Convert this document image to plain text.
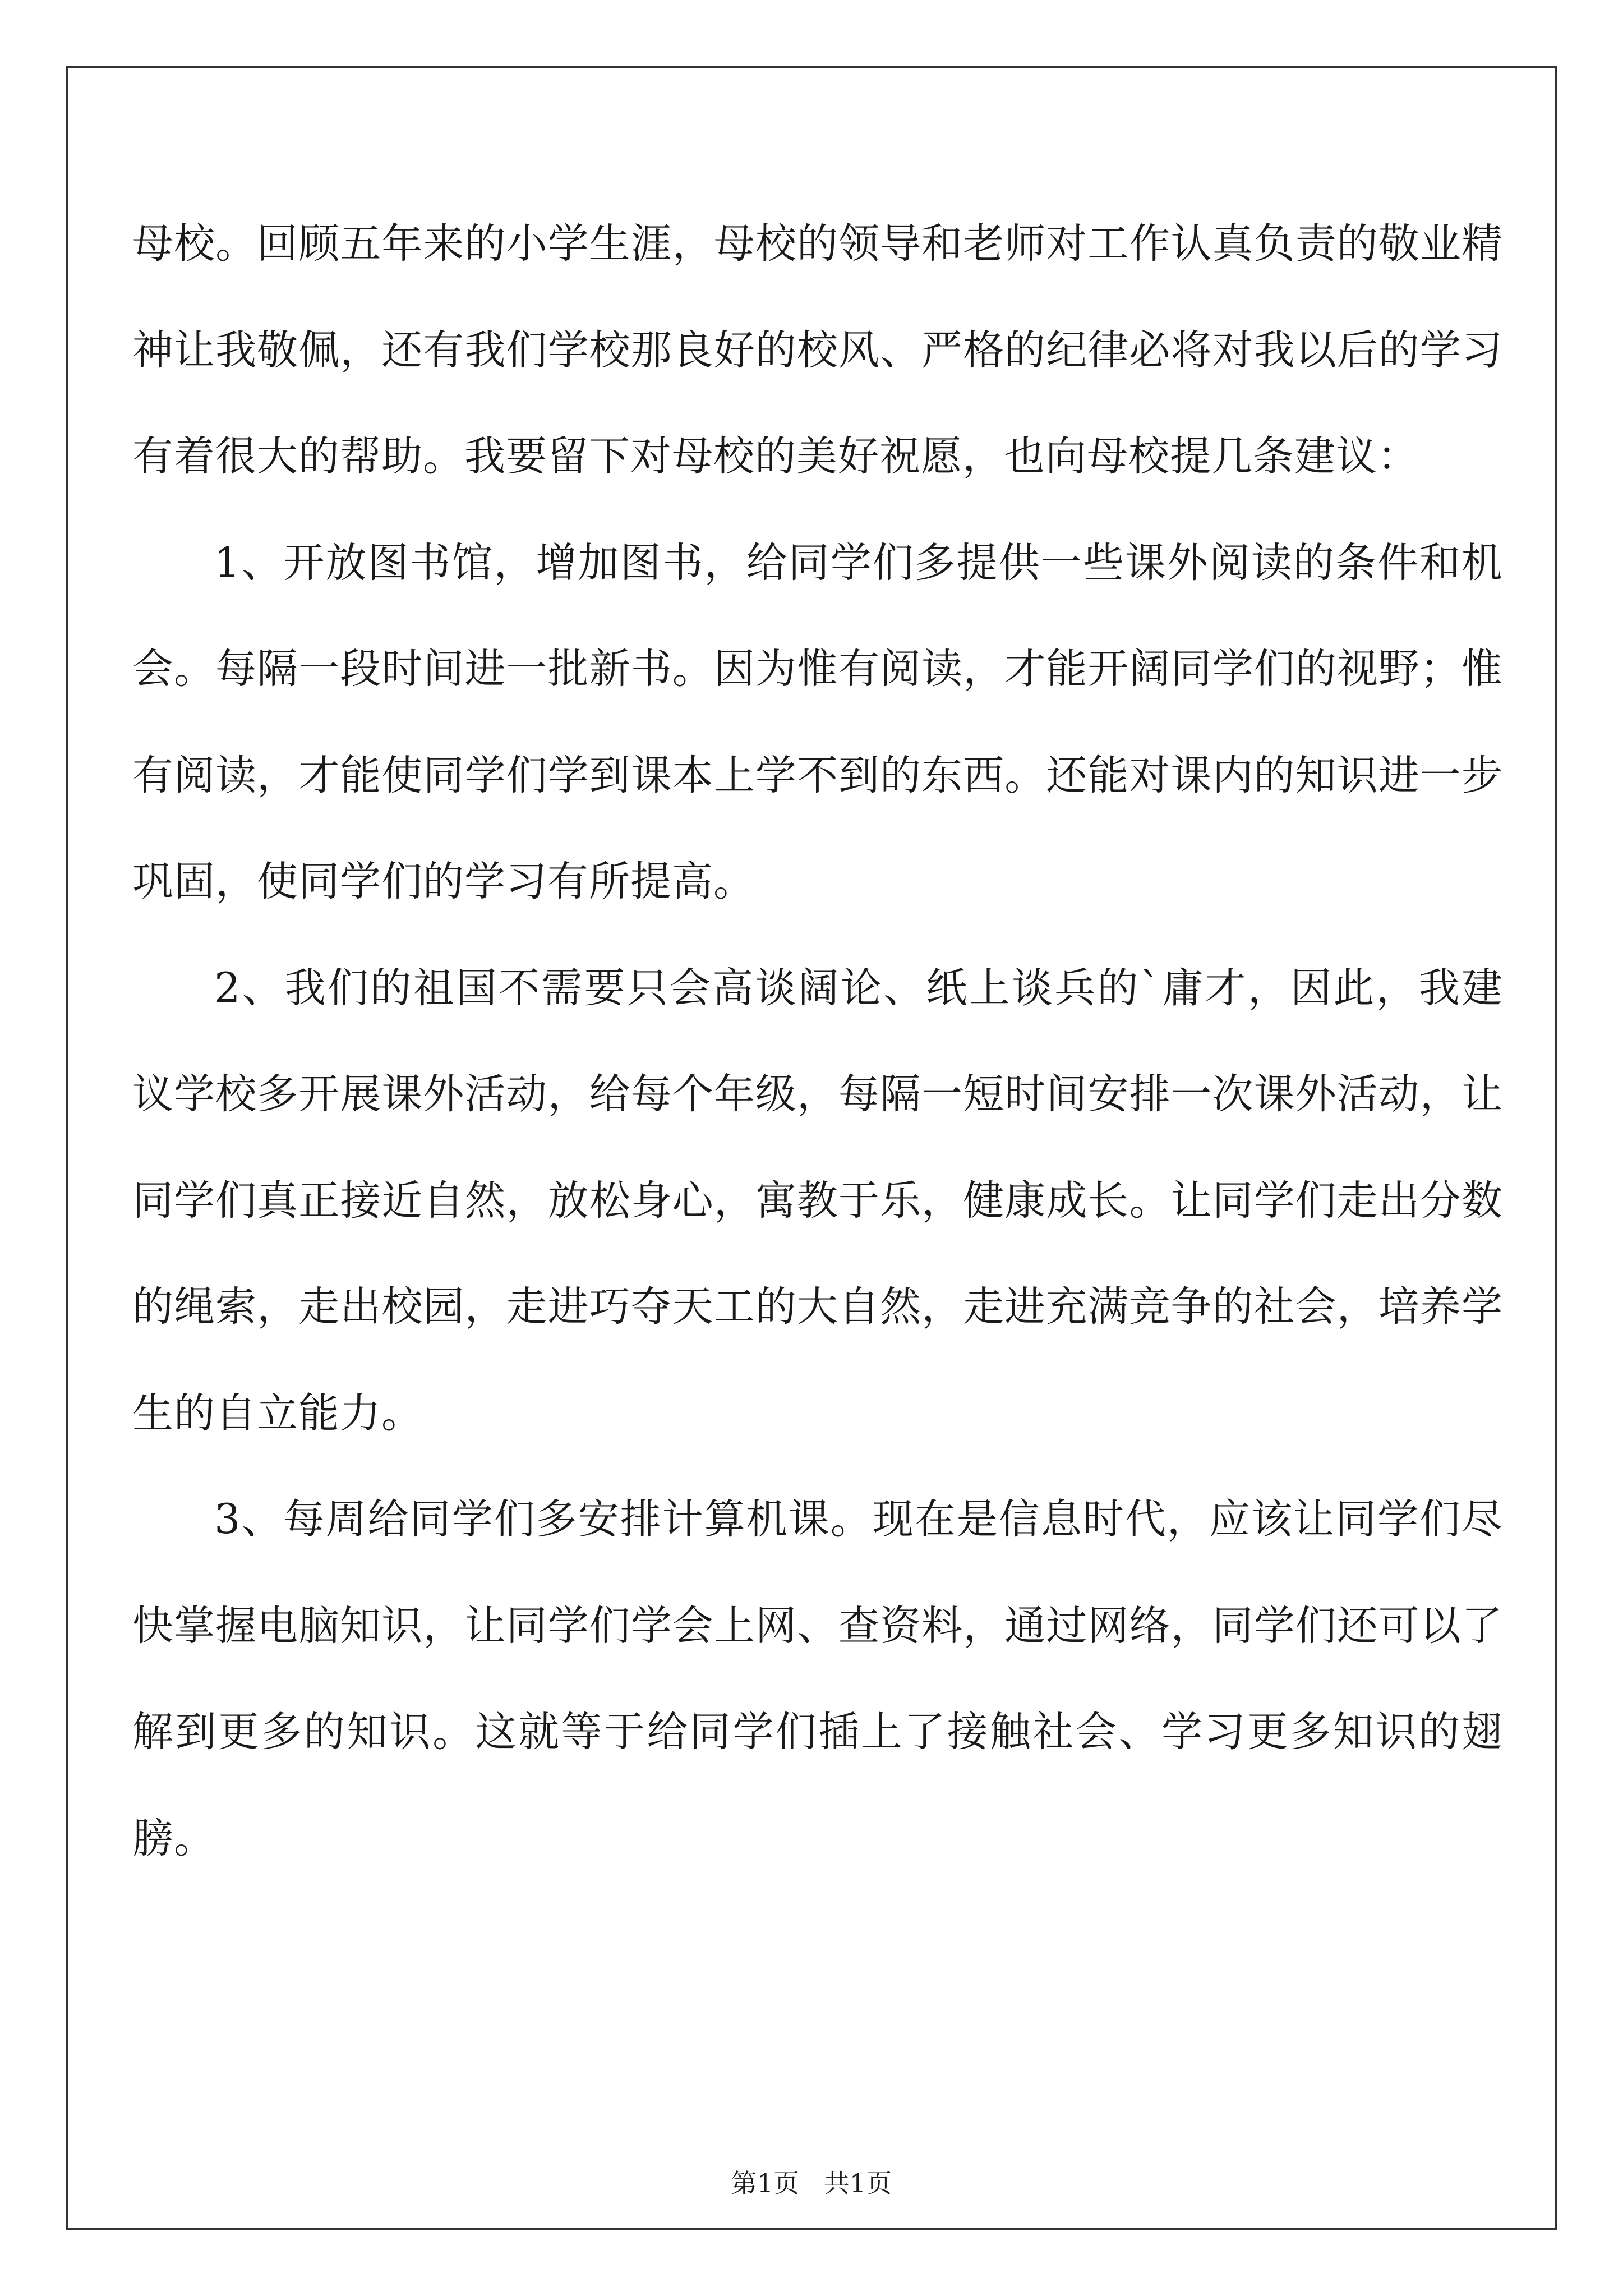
母校。回顾五年来的小学生涯，母校的领导和老师对工作认真负责的敬业精神让我敬佩，还有我们学校那良好的校风、严格的纪律必将对我以后的学习有着很大的帮助。我要留下对母校的美好祝愿，也向母校提几条建议：

1、开放图书馆，增加图书，给同学们多提供一些课外阅读的条件和机会。每隔一段时间进一批新书。因为惟有阅读，才能开阔同学们的视野；惟有阅读，才能使同学们学到课本上学不到的东西。还能对课内的知识进一步巩固，使同学们的学习有所提高。

2、我们的祖国不需要只会高谈阔论、纸上谈兵的`庸才，因此，我建议学校多开展课外活动，给每个年级，每隔一短时间安排一次课外活动，让同学们真正接近自然，放松身心，寓教于乐，健康成长。让同学们走出分数的绳索，走出校园，走进巧夺天工的大自然，走进充满竞争的社会，培养学生的自立能力。

3、每周给同学们多安排计算机课。现在是信息时代，应该让同学们尽快掌握电脑知识，让同学们学会上网、查资料，通过网络，同学们还可以了解到更多的知识。这就等于给同学们插上了接触社会、学习更多知识的翅膀。

第1页   共1页
